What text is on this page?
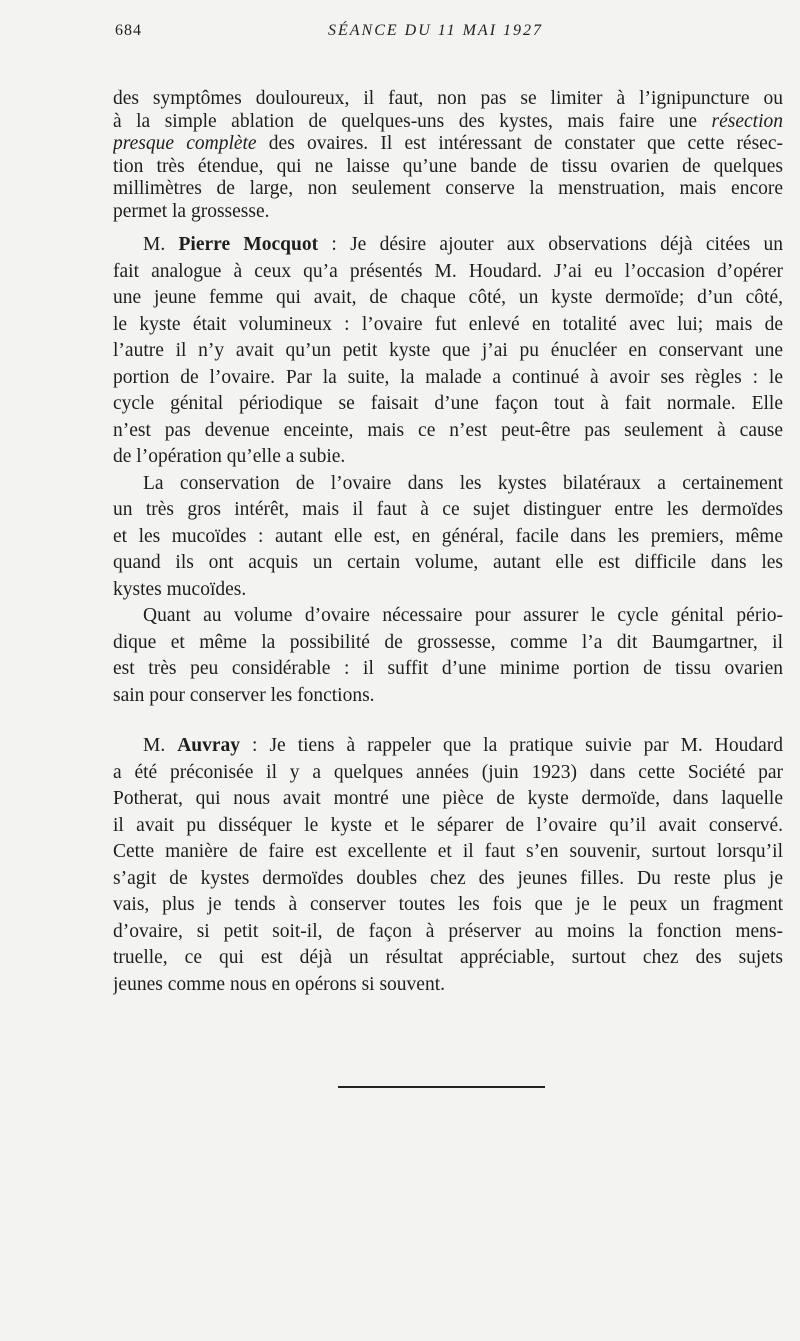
684	SÉANCE DU 11 MAI 1927
des symptômes douloureux, il faut, non pas se limiter à l’ignipuncture ou
à la simple ablation de quelques-uns des kystes, mais faire une résection
presque complète des ovaires. Il est intéressant de constater que cette résec-
tion très étendue, qui ne laisse qu’une bande de tissu ovarien de quelques
millimètres de large, non seulement conserve la menstruation, mais encore
permet la grossesse.
M. Pierre Mocquot : Je désire ajouter aux observations déjà citées un
fait analogue à ceux qu’a présentés M. Houdard. J’ai eu l’occasion d’opérer
une jeune femme qui avait, de chaque côté, un kyste dermoïde; d’un côté,
le kyste était volumineux : l’ovaire fut enlevé en totalité avec lui; mais de
l’autre il n’y avait qu’un petit kyste que j’ai pu énucléer en conservant une
portion de l’ovaire. Par la suite, la malade a continué à avoir ses règles : le
cycle génital périodique se faisait d’une façon tout à fait normale. Elle
n’est pas devenue enceinte, mais ce n’est peut-être pas seulement à cause
de l’opération qu’elle a subie.
La conservation de l’ovaire dans les kystes bilatéraux a certainement
un très gros intérêt, mais il faut à ce sujet distinguer entre les dermoïdes
et les mucoïdes : autant elle est, en général, facile dans les premiers, même
quand ils ont acquis un certain volume, autant elle est difficile dans les
kystes mucoïdes.
Quant au volume d’ovaire nécessaire pour assurer le cycle génital pério-
dique et même la possibilité de grossesse, comme l’a dit Baumgartner, il
est très peu considérable : il suffit d’une minime portion de tissu ovarien
sain pour conserver les fonctions.
M. Auvray : Je tiens à rappeler que la pratique suivie par M. Houdard
a été préconisée il y a quelques années (juin 1923) dans cette Société par
Potherat, qui nous avait montré une pièce de kyste dermoïde, dans laquelle
il avait pu disséquer le kyste et le séparer de l’ovaire qu’il avait conservé.
Cette manière de faire est excellente et il faut s’en souvenir, surtout lorsqu’il
s’agit de kystes dermoïdes doubles chez des jeunes filles. Du reste plus je
vais, plus je tends à conserver toutes les fois que je le peux un fragment
d’ovaire, si petit soit-il, de façon à préserver au moins la fonction mens-
truelle, ce qui est déjà un résultat appréciable, surtout chez des sujets
jeunes comme nous en opérons si souvent.
